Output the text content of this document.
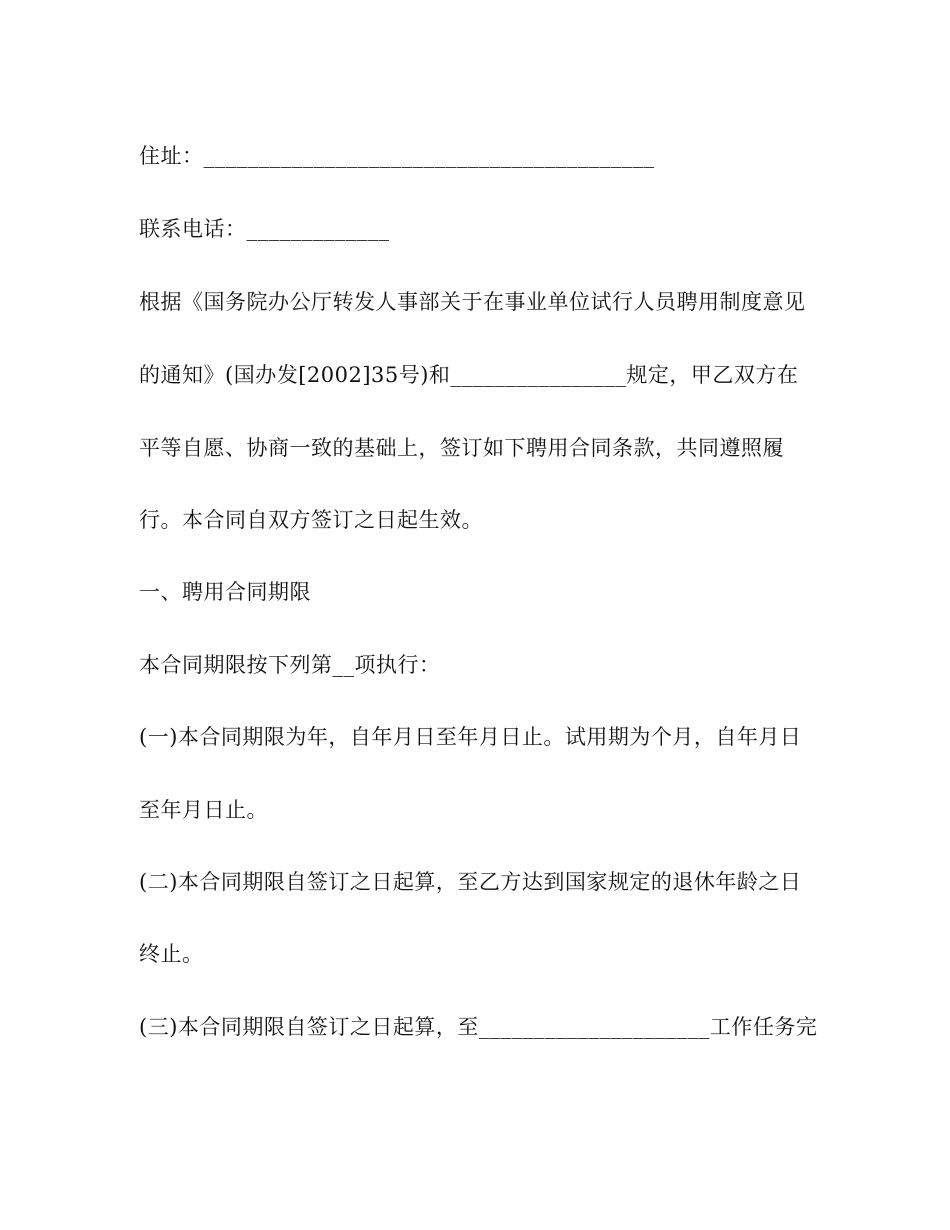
住址：_________________________________________
联系电话：_____________
根据《国务院办公厅转发人事部关于在事业单位试行人员聘用制度意见
的通知》(国办发[2002]35号)和________________规定，甲乙双方在
平等自愿、协商一致的基础上，签订如下聘用合同条款，共同遵照履
行。本合同自双方签订之日起生效。
一、聘用合同期限
本合同期限按下列第__项执行：
(一)本合同期限为年，自年月日至年月日止。试用期为个月，自年月日
至年月日止。
(二)本合同期限自签订之日起算，至乙方达到国家规定的退休年龄之日
终止。
(三)本合同期限自签订之日起算，至_____________________工作任务完
